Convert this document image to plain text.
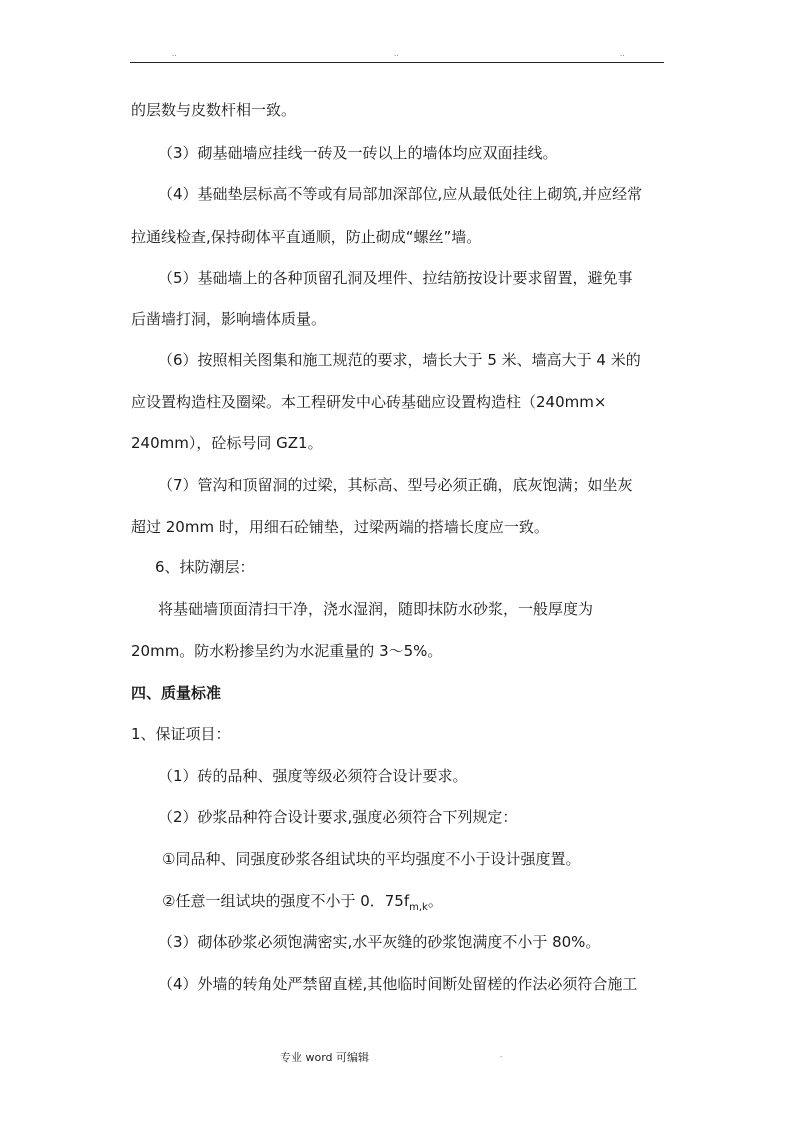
..	..	..
的层数与皮数杆相一致。
（3）砌基础墙应挂线一砖及一砖以上的墙体均应双面挂线。
（4）基础垫层标高不等或有局部加深部位,应从最低处往上砌筑,并应经常
拉通线检查,保持砌体平直通顺，防止砌成“螺丝”墙。
（5）基础墙上的各种顶留孔洞及埋件、拉结筋按设计要求留置，避免事
后凿墙打洞，影响墙体质量。
（6）按照相关图集和施工规范的要求，墙长大于 5 米、墙高大于 4 米的
应设置构造柱及圈梁。本工程研发中心砖基础应设置构造柱（240mm×
240mm），砼标号同 GZ1。
（7）管沟和顶留洞的过梁，其标高、型号必须正确，底灰饱满；如坐灰
超过 20mm 时，用细石砼铺垫，过梁两端的搭墙长度应一致。
6、抹防潮层：
将基础墙顶面清扫干净，浇水湿润，随即抹防水砂浆，一般厚度为
20mm。防水粉掺呈约为水泥重量的 3～5%。
四、质量标准
1、保证项目：
（1）砖的品种、强度等级必须符合设计要求。
（2）砂浆品种符合设计要求,强度必须符合下列规定：
①同品种、同强度砂浆各组试块的平均强度不小于设计强度置。
②任意一组试块的强度不小于 0．$75f_{m,k}$。
（3）砌体砂浆必须饱满密实,水平灰缝的砂浆饱满度不小于 80%。
（4）外墙的转角处严禁留直槎,其他临时间断处留槎的作法必须符合施工
专业 word 可编辑	.
